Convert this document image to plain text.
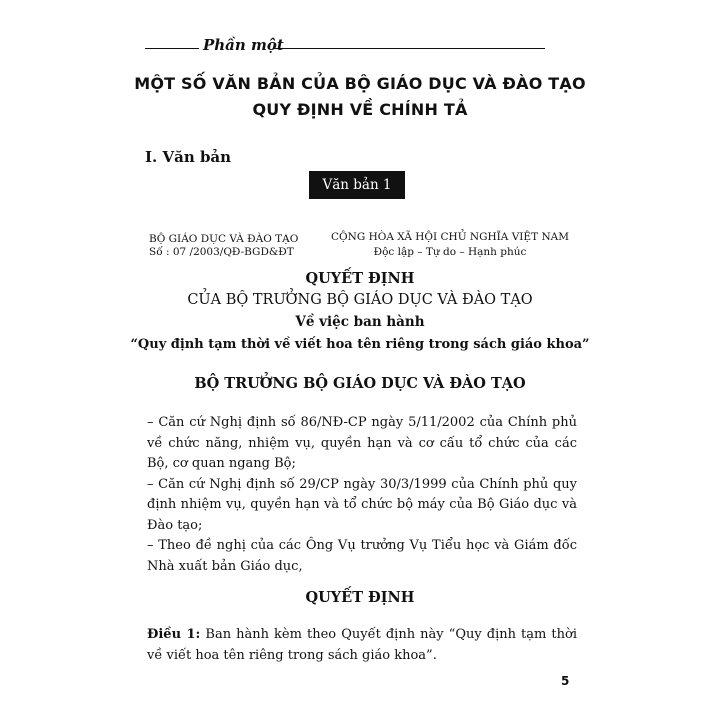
Phần một
MỘT SỐ VĂN BẢN CỦA BỘ GIÁO DỤC VÀ ĐÀO TẠO
QUY ĐỊNH VỀ CHÍNH TẢ
I. Văn bản
Văn bản 1
BỘ GIÁO DỤC VÀ ĐÀO TẠO
Số : 07 /2003/QĐ-BGD&ĐT
CỘNG HÒA XÃ HỘI CHỦ NGHĨA VIỆT NAM
Độc lập – Tự do – Hạnh phúc
QUYẾT ĐỊNH
CỦA BỘ TRƯỞNG BỘ GIÁO DỤC VÀ ĐÀO TẠO
Về việc ban hành
“Quy định tạm thời về viết hoa tên riêng trong sách giáo khoa”
BỘ TRƯỞNG BỘ GIÁO DỤC VÀ ĐÀO TẠO

– Căn cứ Nghị định số 86/NĐ-CP ngày 5/11/2002 của Chính phủ về chức năng, nhiệm vụ, quyền hạn và cơ cấu tổ chức của các Bộ, cơ quan ngang Bộ;

– Căn cứ Nghị định số 29/CP ngày 30/3/1999 của Chính phủ quy định nhiệm vụ, quyền hạn và tổ chức bộ máy của Bộ Giáo dục và Đào tạo;

– Theo đề nghị của các Ông Vụ trưởng Vụ Tiểu học và Giám đốc Nhà xuất bản Giáo dục,

QUYẾT ĐỊNH

Điều 1: Ban hành kèm theo Quyết định này “Quy định tạm thời về viết hoa tên riêng trong sách giáo khoa”.

5
